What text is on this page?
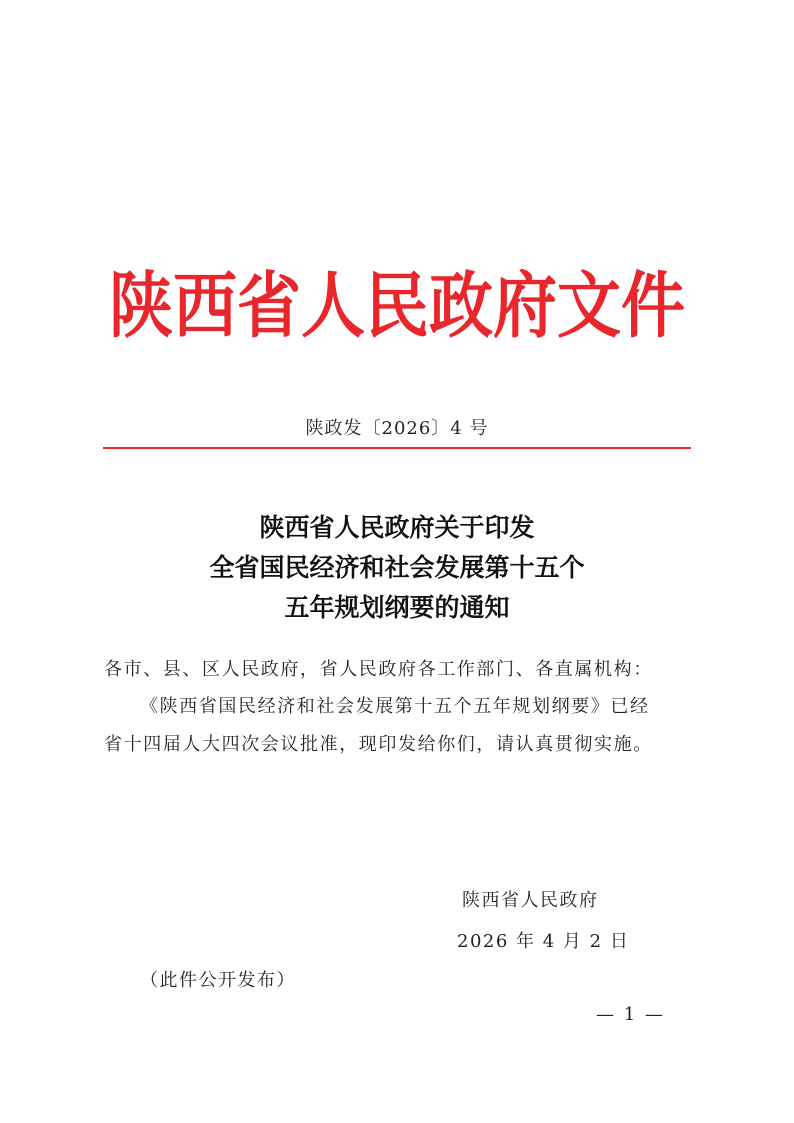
陕西省人民政府文件
陕政发〔2026〕4 号
陕西省人民政府关于印发
全省国民经济和社会发展第十五个
五年规划纲要的通知
各市、县、区人民政府，省人民政府各工作部门、各直属机构：
《陕西省国民经济和社会发展第十五个五年规划纲要》已经
省十四届人大四次会议批准，现印发给你们，请认真贯彻实施。
陕西省人民政府
2026 年 4 月 2 日
（此件公开发布）
— 1 —
